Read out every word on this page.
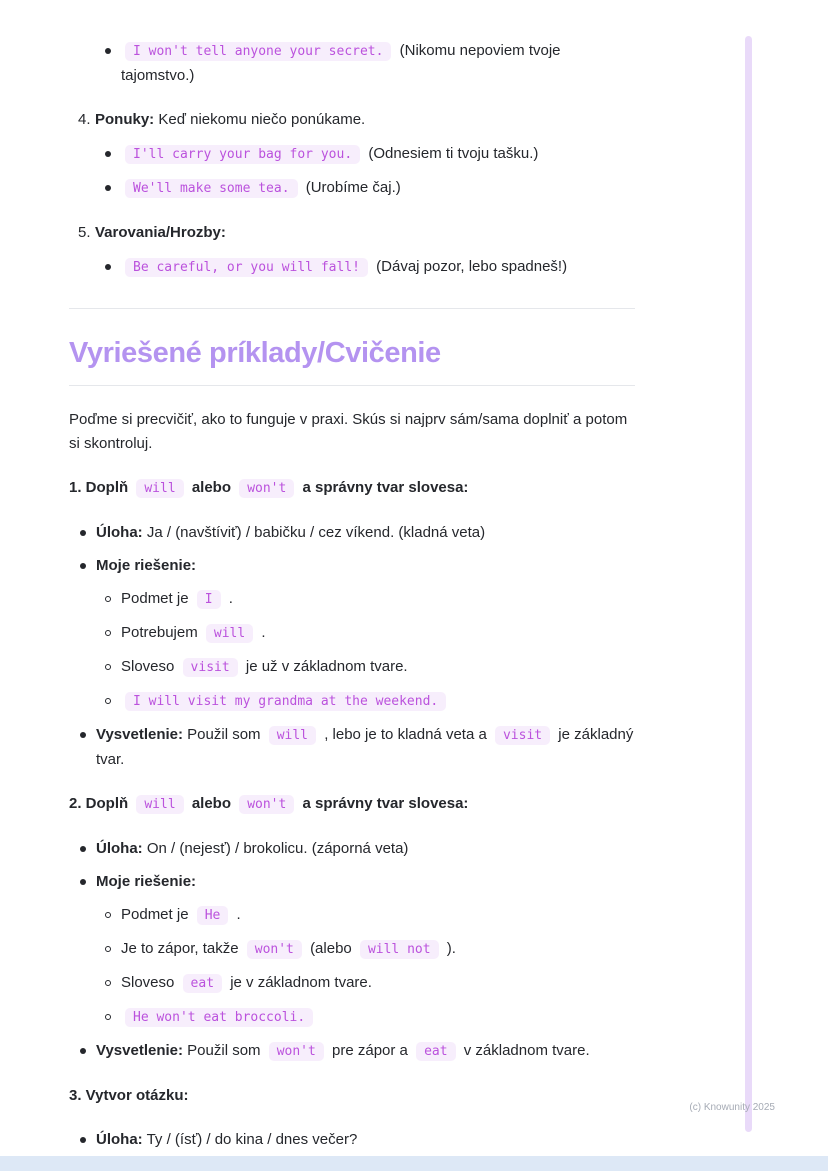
I won't tell anyone your secret. (Nikomu nepoviem tvoje tajomstvo.)
4. Ponuky: Keď niekomu niečo ponúkame.
I'll carry your bag for you. (Odnesiem ti tvoju tašku.)
We'll make some tea. (Urobíme čaj.)
5. Varovania/Hrozby:
Be careful, or you will fall! (Dávaj pozor, lebo spadneš!)
Vyriešené príklady/Cvičenie

Poďme si precvičiť, ako to funguje v praxi. Skús si najprv sám/sama doplniť a potom si skontroluj.

1. Doplň will alebo won't a správny tvar slovesa:

Úloha: Ja / (navštíviť) / babičku / cez víkend. (kladná veta)
Moje riešenie:
Podmet je I .
Potrebujem will .
Sloveso visit je už v základnom tvare.
I will visit my grandma at the weekend.
Vysvetlenie: Použil som will , lebo je to kladná veta a visit je základný tvar.

2. Doplň will alebo won't a správny tvar slovesa:

Úloha: On / (nejesť) / brokolicu. (záporná veta)
Moje riešenie:
Podmet je He .
Je to zápor, takže won't (alebo will not ).
Sloveso eat je v základnom tvare.
He won't eat broccoli.
Vysvetlenie: Použil som won't pre zápor a eat v základnom tvare.

3. Vytvor otázku:

Úloha: Ty / (ísť) / do kina / dnes večer?
(c) Knowunity 2025
